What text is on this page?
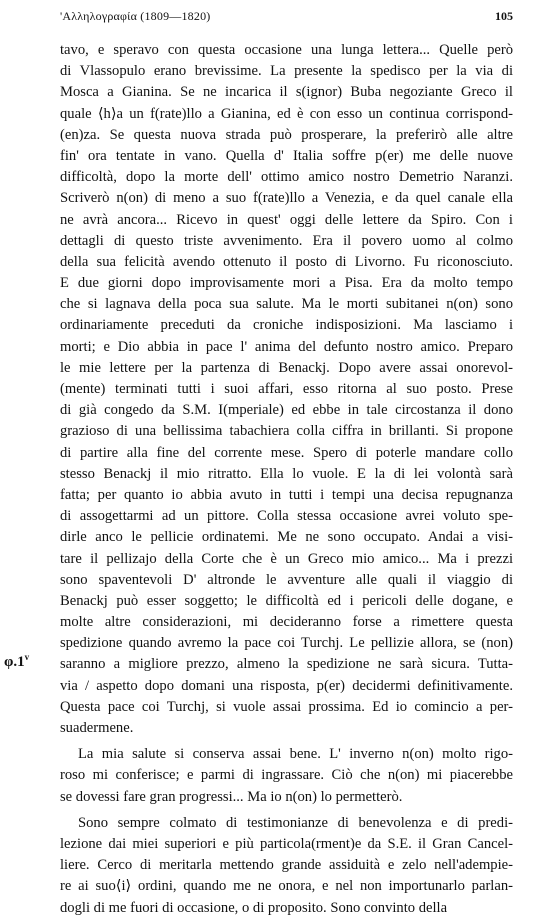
'Αλληλογραφία (1809—1820)	105
φ.1$^v$
tavo, e speravo con questa occasione una lunga lettera... Quelle però
di Vlassopulo erano brevissime. La presente la spedisco per la via di
Mosca a Gianina. Se ne incarica il s(ignor) Buba negoziante Greco il
quale ⟨h⟩a un f(rate)llo a Gianina, ed è con esso un continua corrispond-
(en)za. Se questa nuova strada può prosperare, la preferirò alle altre
fin' ora tentate in vano. Quella d' Italia soffre p(er) me delle nuove
difficoltà, dopo la morte dell' ottimo amico nostro Demetrio Naranzi.
Scriverò n(on) di meno a suo f(rate)llo a Venezia, e da quel canale ella
ne avrà ancora... Ricevo in quest' oggi delle lettere da Spiro. Con i
dettagli di questo triste avvenimento. Era il povero uomo al colmo
della sua felicità avendo ottenuto il posto di Livorno. Fu riconosciuto.
E due giorni dopo improvisamente mori a Pisa. Era da molto tempo
che si lagnava della poca sua salute. Ma le morti subitanei n(on) sono
ordinariamente preceduti da croniche indisposizioni. Ma lasciamo i
morti; e Dio abbia in pace l' anima del defunto nostro amico. Preparo
le mie lettere per la partenza di Benackj. Dopo avere assai onorevol-
(mente) terminati tutti i suoi affari, esso ritorna al suo posto. Prese
di già congedo da S.M. I(mperiale) ed ebbe in tale circostanza il dono
grazioso di una bellissima tabachiera colla ciffra in brillanti. Si propone
di partire alla fine del corrente mese. Spero di poterle mandare collo
stesso Benackj il mio ritratto. Ella lo vuole. E la di lei volontà sarà
fatta; per quanto io abbia avuto in tutti i tempi una decisa repugnanza
di assogettarmi ad un pittore. Colla stessa occasione avrei voluto spe-
dirle anco le pellicie ordinatemi. Me ne sono occupato. Andai a visi-
tare il pellizajo della Corte che è un Greco mio amico... Ma i prezzi
sono spaventevoli D' altronde le avventure alle quali il viaggio di
Benackj può esser soggetto; le difficoltà ed i pericoli delle dogane, e
molte altre considerazioni, mi decideranno forse a rimettere questa
spedizione quando avremo la pace coi Turchj. Le pellizie allora, se (non)
saranno a migliore prezzo, almeno la spedizione ne sarà sicura. Tutta-
via / aspetto dopo domani una risposta, p(er) decidermi definitivamente.
Questa pace coi Turchj, si vuole assai prossima. Ed io comincio a per-
suadermene.
La mia salute si conserva assai bene. L' inverno n(on) molto rigo-
roso mi conferisce; e parmi di ingrassare. Ciò che n(on) mi piacerebbe
se dovessi fare gran progressi... Ma io n(on) lo permetterò.
Sono sempre colmato di testimonianze di benevolenza e di predi-
lezione dai miei superiori e più particola(rment)e da S.E. il Gran Cancel-
liere. Cerco di meritarla mettendo grande assiduità e zelo nell'adempie-
re ai suo⟨i⟩ ordini, quando me ne onora, e nel non importunarlo parlan-
dogli di me fuori di occasione, o di proposito. Sono convinto della
